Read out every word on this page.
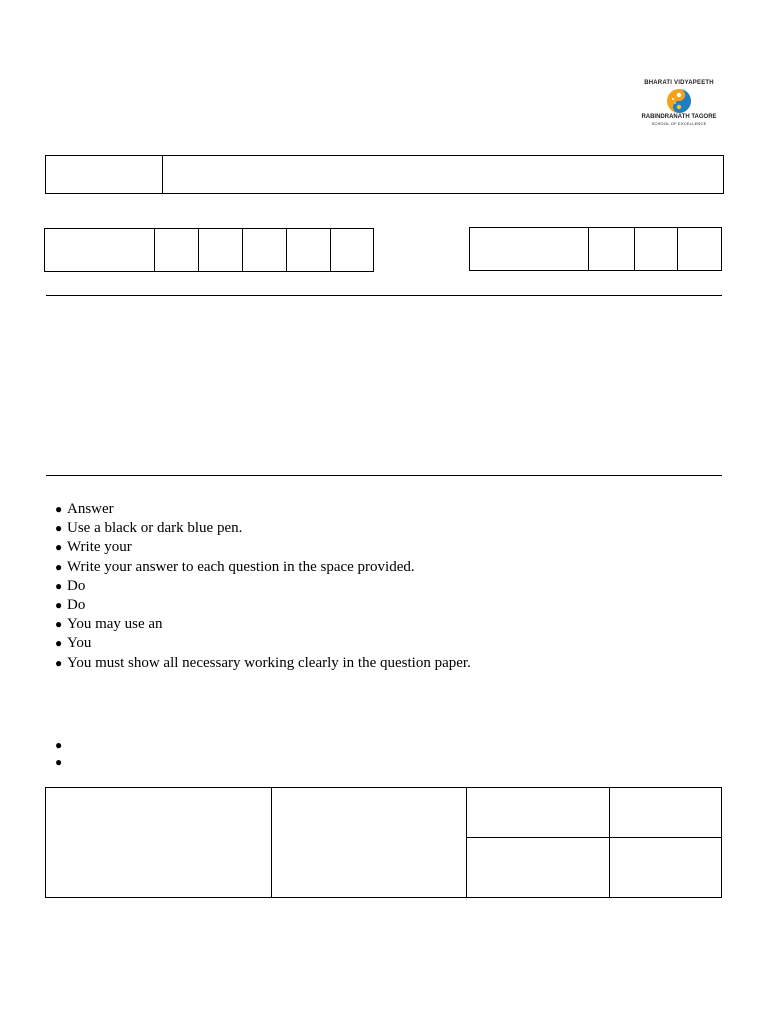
BHARATI VIDYAPEETH
RABINDRANATH TAGORE
SCHOOL OF EXCELLENCE
● Answer
● Use a black or dark blue pen.
● Write your
● Write your answer to each question in the space provided.
● Do
● Do
● You may use an
● You
● You must show all necessary working clearly in the question paper.
●
●
